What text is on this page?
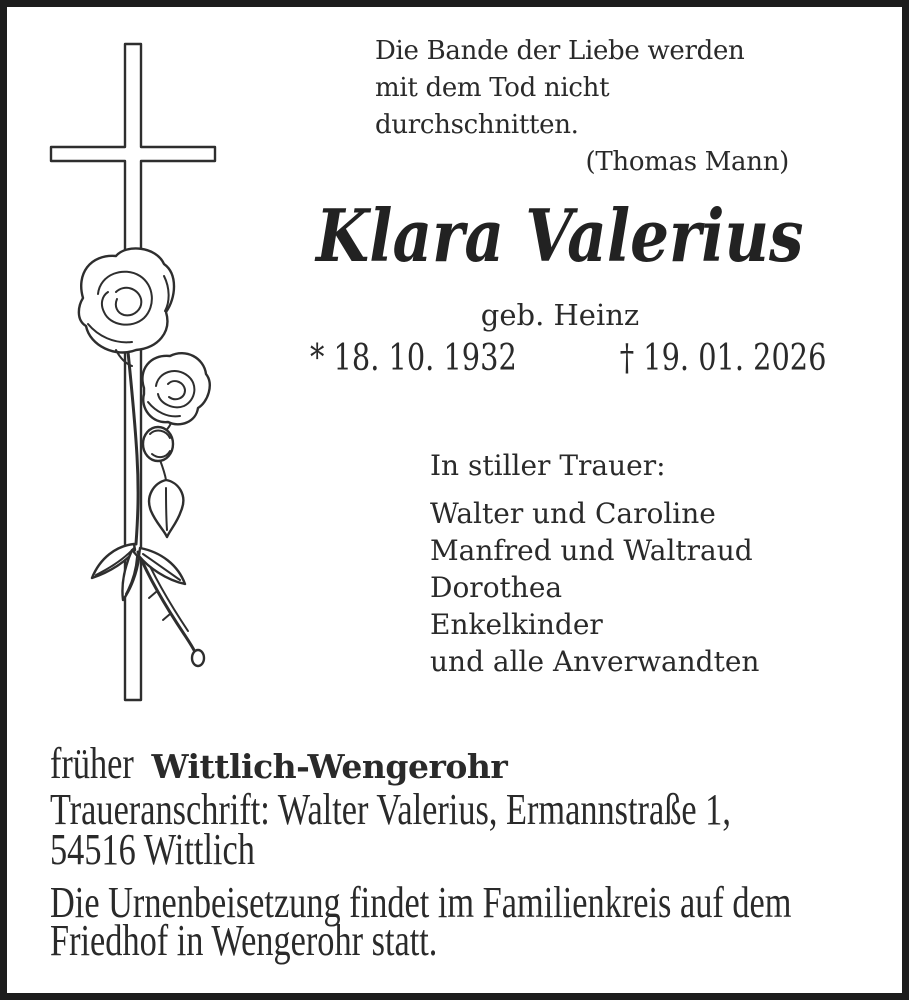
Die Bande der Liebe werden
mit dem Tod nicht durchschnitten.
(Thomas Mann)
Klara Valerius
geb. Heinz
* 18. 10. 1932	† 19. 01. 2026
In stiller Trauer:
Walter und Caroline
Manfred und Waltraud
Dorothea
Enkelkinder
und alle Anverwandten
früher Wittlich-Wengerohr
Traueranschrift: Walter Valerius, Ermannstraße 1,
54516 Wittlich
Die Urnenbeisetzung findet im Familienkreis auf dem
Friedhof in Wengerohr statt.
